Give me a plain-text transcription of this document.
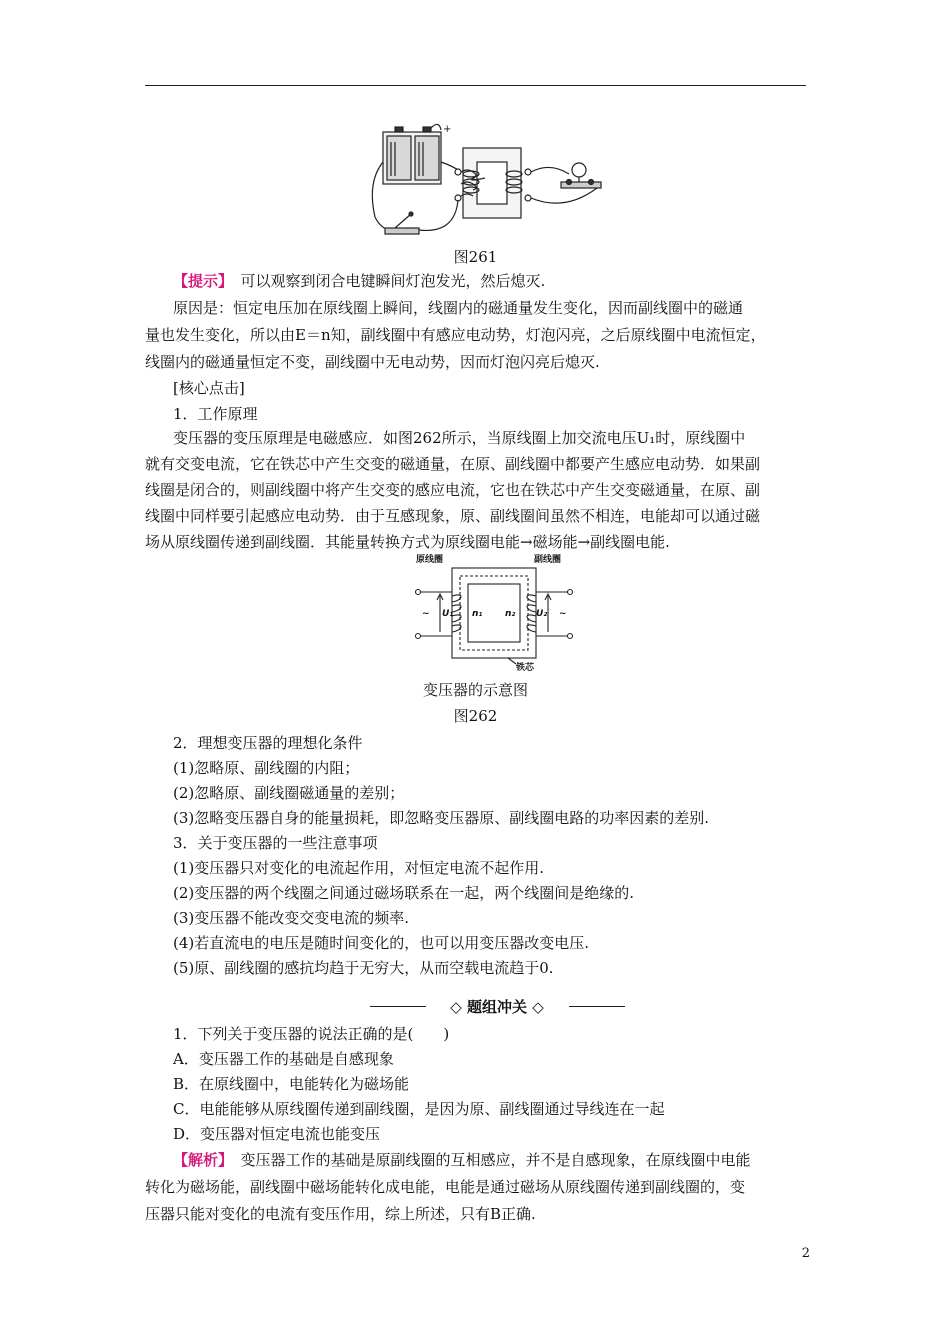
+
图261
【提示】　可以观察到闭合电键瞬间灯泡发光，然后熄灭.
原因是：恒定电压加在原线圈上瞬间，线圈内的磁通量发生变化，因而副线圈中的磁通
量也发生变化，所以由E＝n知，副线圈中有感应电动势，灯泡闪亮，之后原线圈中电流恒定，
线圈内的磁通量恒定不变，副线圈中无电动势，因而灯泡闪亮后熄灭.
[核心点击]
1．工作原理
变压器的变压原理是电磁感应．如图262所示，当原线圈上加交流电压U₁时，原线圈中
就有交变电流，它在铁芯中产生交变的磁通量，在原、副线圈中都要产生感应电动势．如果副
线圈是闭合的，则副线圈中将产生交变的感应电流，它也在铁芯中产生交变磁通量，在原、副
线圈中同样要引起感应电动势．由于互感现象，原、副线圈间虽然不相连，电能却可以通过磁
场从原线圈传递到副线圈．其能量转换方式为原线圈电能→磁场能→副线圈电能.
原线圈	副线圈
铁芯
n₁	n₂
U₁	U₂
~	~
变压器的示意图
图262
2．理想变压器的理想化条件
(1)忽略原、副线圈的内阻；
(2)忽略原、副线圈磁通量的差别；
(3)忽略变压器自身的能量损耗，即忽略变压器原、副线圈电路的功率因素的差别.
3．关于变压器的一些注意事项
(1)变压器只对变化的电流起作用，对恒定电流不起作用.
(2)变压器的两个线圈之间通过磁场联系在一起，两个线圈间是绝缘的.
(3)变压器不能改变交变电流的频率.
(4)若直流电的电压是随时间变化的，也可以用变压器改变电压.
(5)原、副线圈的感抗均趋于无穷大，从而空载电流趋于0.
◇ 题组冲关 ◇
1．下列关于变压器的说法正确的是(　　)
A．变压器工作的基础是自感现象
B．在原线圈中，电能转化为磁场能
C．电能能够从原线圈传递到副线圈，是因为原、副线圈通过导线连在一起
D．变压器对恒定电流也能变压
【解析】　变压器工作的基础是原副线圈的互相感应，并不是自感现象，在原线圈中电能
转化为磁场能，副线圈中磁场能转化成电能，电能是通过磁场从原线圈传递到副线圈的，变
压器只能对变化的电流有变压作用，综上所述，只有B正确.
2
